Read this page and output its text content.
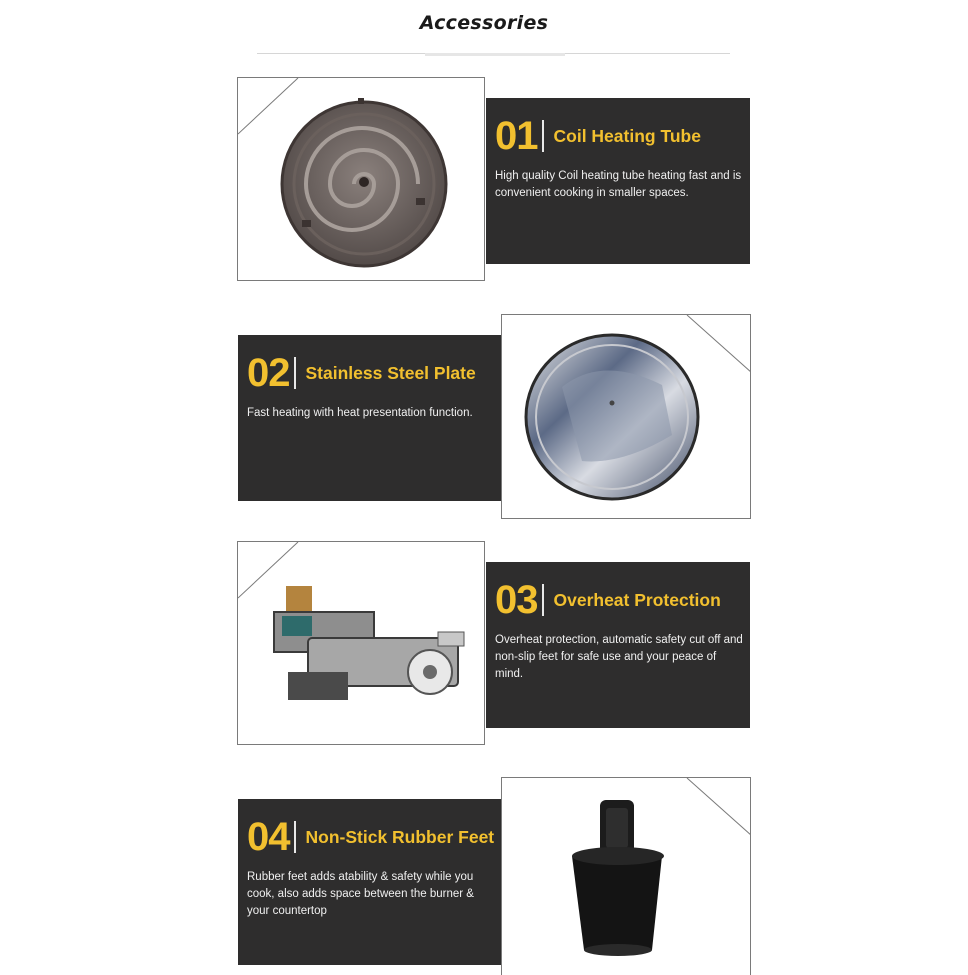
Accessories
01 Coil Heating Tube
High quality Coil heating tube heating fast and is convenient cooking in smaller spaces.
02 Stainless Steel Plate
Fast heating with heat presentation function.
03 Overheat Protection
Overheat protection, automatic safety cut off and non-slip feet for safe use and your peace of mind.
04 Non-Stick Rubber Feet
Rubber feet adds atability & safety while you cook, also adds space between the burner & your countertop
